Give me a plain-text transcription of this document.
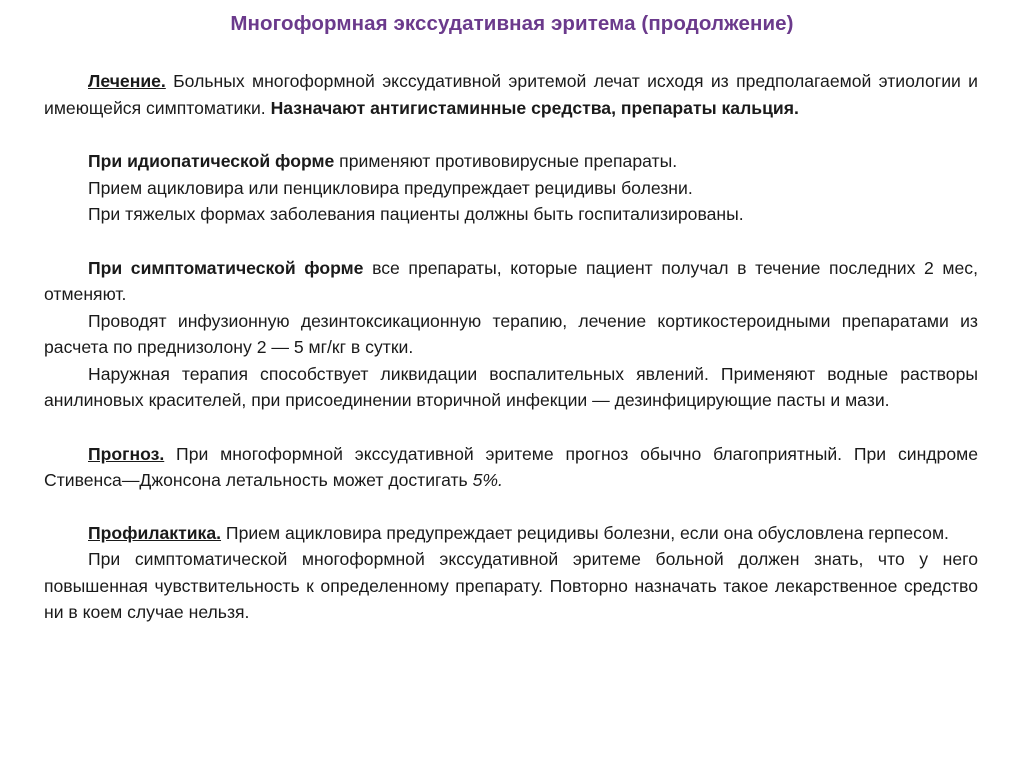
Многоформная экссудативная эритема (продолжение)

Лечение. Больных многоформной экссудативной эритемой лечат исходя из предполагаемой этиологии и имеющейся симптоматики. Назначают антигистаминные средства, препараты кальция.

При идиопатической форме применяют противовирусные препараты.

Прием ацикловира или пенцикловира предупреждает рецидивы болезни.

При тяжелых формах заболевания пациенты должны быть госпитализированы.

При симптоматической форме все препараты, которые пациент получал в течение последних 2 мес, отменяют.

Проводят инфузионную дезинтоксикационную терапию, лечение кортикостероидными препаратами из расчета по преднизолону 2 — 5 мг/кг в сутки.

Наружная терапия способствует ликвидации воспалительных явлений. Применяют водные растворы анилиновых красителей, при присоединении вторичной инфекции — дезинфицирующие пасты и мази.

Прогноз. При многоформной экссудативной эритеме прогноз обычно благоприятный. При синдроме Стивенса—Джонсона летальность может достигать 5%.

Профилактика. Прием ацикловира предупреждает рецидивы болезни, если она обусловлена герпесом.

При симптоматической многоформной экссудативной эритеме больной должен знать, что у него повышенная чувствительность к определенному препарату. Повторно назначать такое лекарственное средство ни в коем случае нельзя.
